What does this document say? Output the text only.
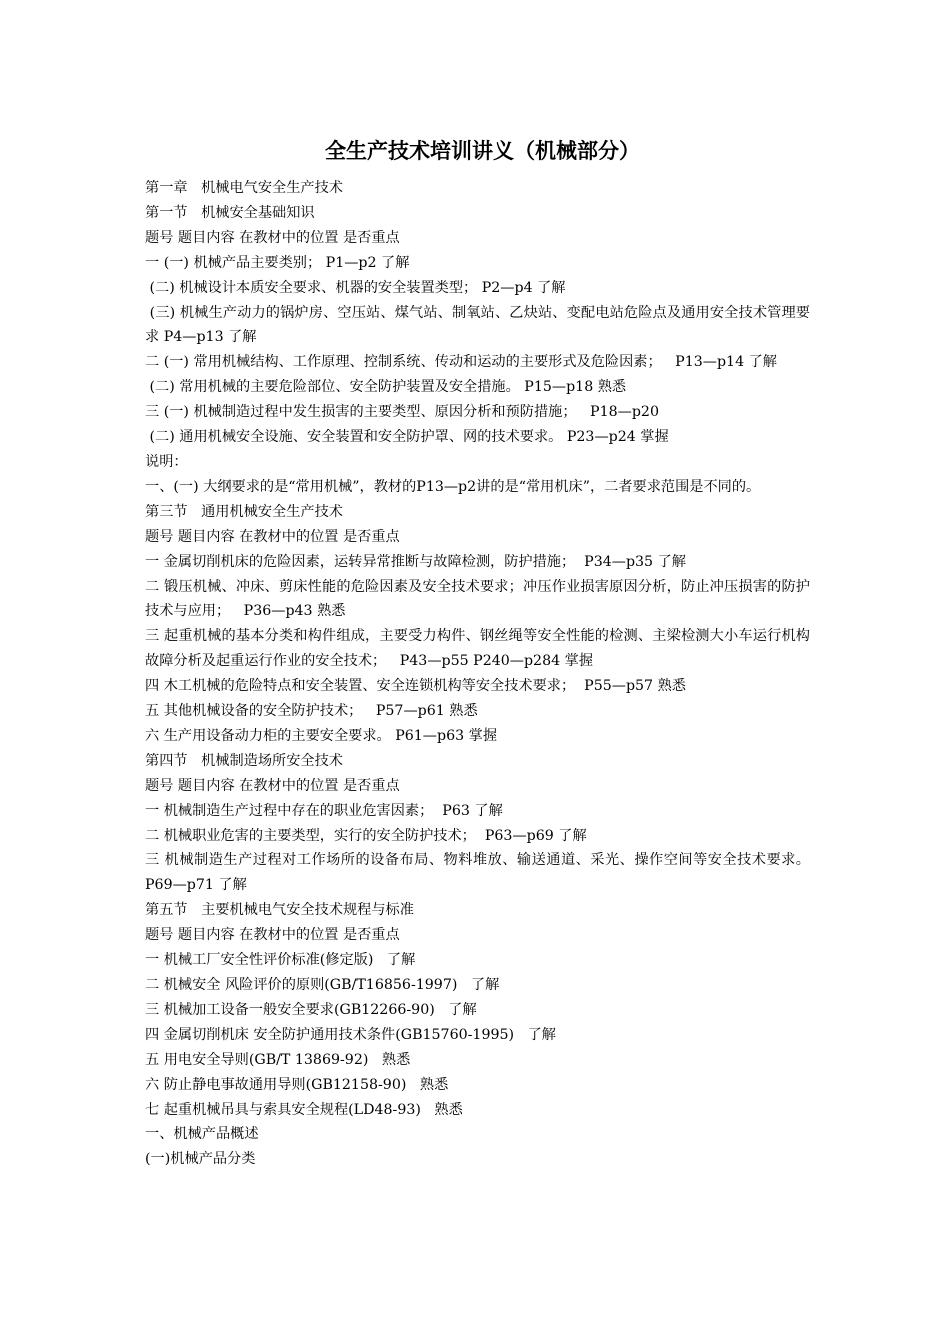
全生产技术培训讲义（机械部分）
第一章   机械电气安全生产技术
第一节   机械安全基础知识
题号 题目内容 在教材中的位置 是否重点
一 (一) 机械产品主要类别； P1—p2 了解
(二) 机械设计本质安全要求、机器的安全装置类型； P2—p4 了解
(三) 机械生产动力的锅炉房、空压站、煤气站、制氧站、乙炔站、变配电站危险点及通用安全技术管理要求 P4—p13 了解
二 (一) 常用机械结构、工作原理、控制系统、传动和运动的主要形式及危险因素；   P13—p14 了解
(二) 常用机械的主要危险部位、安全防护装置及安全措施。 P15—p18 熟悉
三 (一) 机械制造过程中发生损害的主要类型、原因分析和预防措施；   P18—p20
(二) 通用机械安全设施、安全装置和安全防护罩、网的技术要求。 P23—p24 掌握
说明：
一、(一) 大纲要求的是“常用机械”，教材的P13—p2讲的是“常用机床”，二者要求范围是不同的。
第三节   通用机械安全生产技术
题号 题目内容 在教材中的位置 是否重点
一 金属切削机床的危险因素，运转异常推断与故障检测，防护措施；  P34—p35 了解
二 锻压机械、冲床、剪床性能的危险因素及安全技术要求；冲压作业损害原因分析，防止冲压损害的防护技术与应用；   P36—p43 熟悉
三 起重机械的基本分类和构件组成，主要受力构件、钢丝绳等安全性能的检测、主梁检测大小车运行机构故障分析及起重运行作业的安全技术；   P43—p55 P240—p284 掌握
四 木工机械的危险特点和安全装置、安全连锁机构等安全技术要求；  P55—p57 熟悉
五 其他机械设备的安全防护技术；   P57—p61 熟悉
六 生产用设备动力柜的主要安全要求。 P61—p63 掌握
第四节   机械制造场所安全技术
题号 题目内容 在教材中的位置 是否重点
一 机械制造生产过程中存在的职业危害因素；  P63 了解
二 机械职业危害的主要类型，实行的安全防护技术；  P63—p69 了解
三 机械制造生产过程对工作场所的设备布局、物料堆放、输送通道、采光、操作空间等安全技术要求。 P69—p71 了解
第五节   主要机械电气安全技术规程与标准
题号 题目内容 在教材中的位置 是否重点
一 机械工厂安全性评价标准(修定版)   了解
二 机械安全 风险评价的原则(GB/T16856-1997)   了解
三 机械加工设备一般安全要求(GB12266-90)   了解
四 金属切削机床 安全防护通用技术条件(GB15760-1995)   了解
五 用电安全导则(GB/T 13869-92)   熟悉
六 防止静电事故通用导则(GB12158-90)   熟悉
七 起重机械吊具与索具安全规程(LD48-93)   熟悉
一、机械产品概述
(一)机械产品分类
